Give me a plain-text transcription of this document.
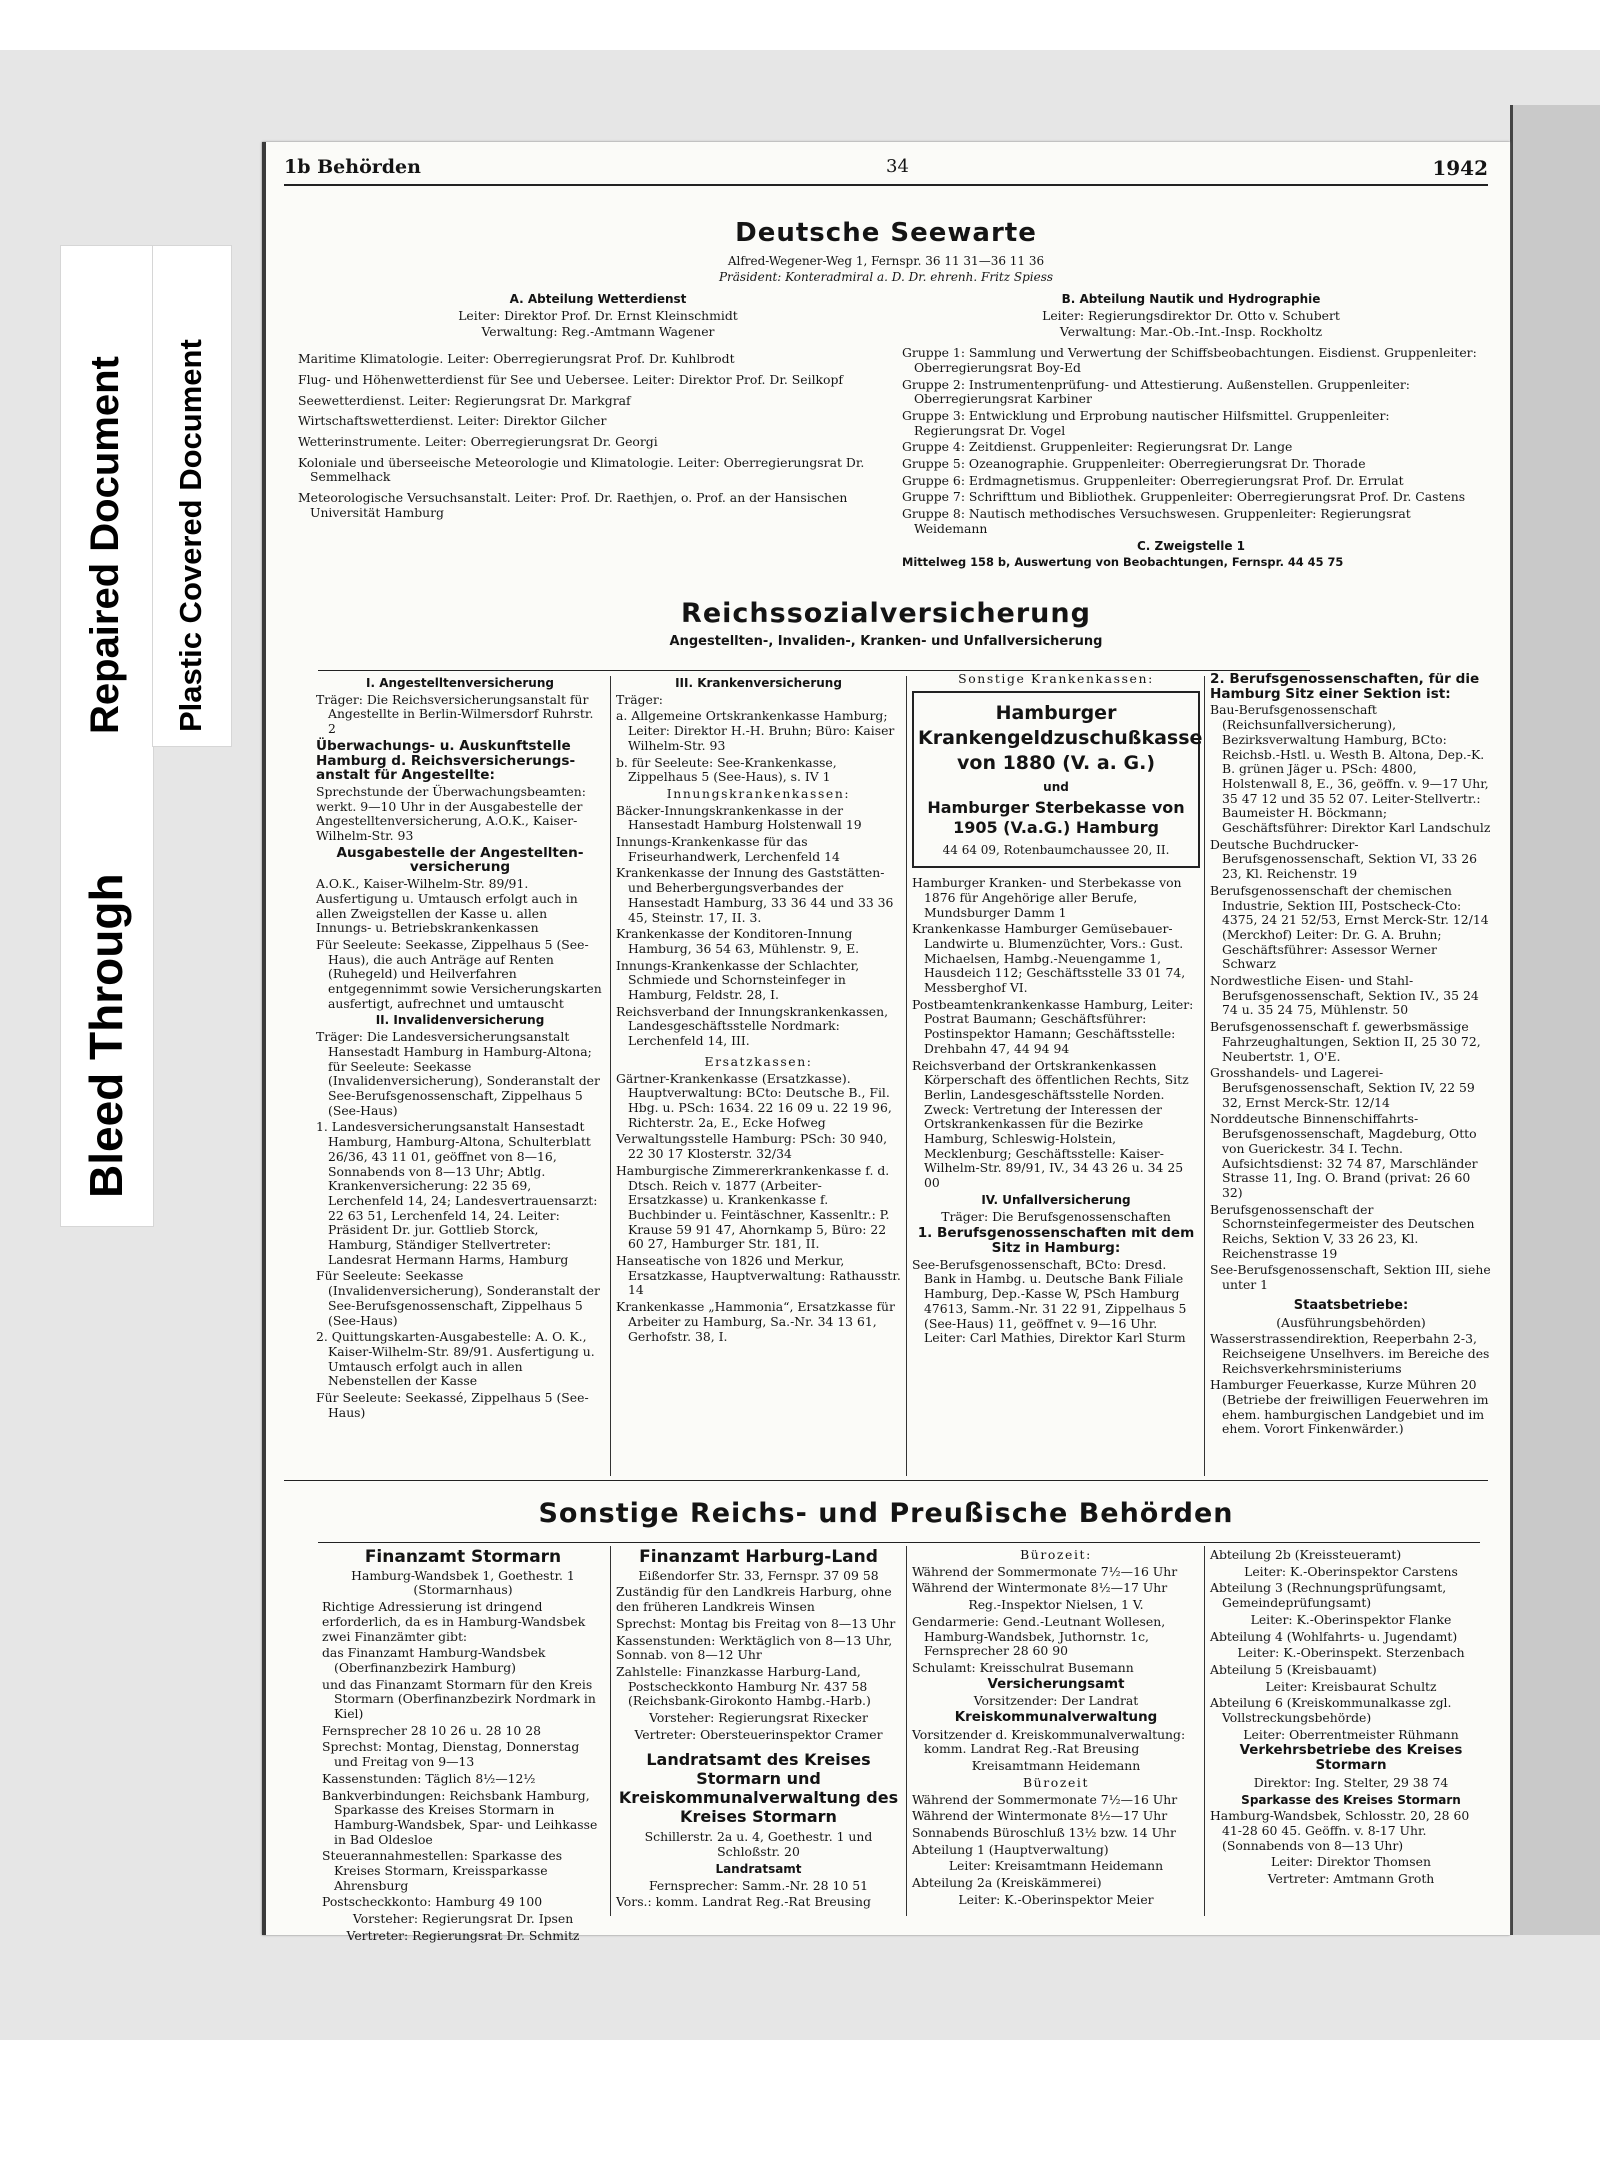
Bleed Through
Repaired Document Plastic Covered Document
1b Behörden	34	1942
Deutsche Seewarte
Alfred-Wegener-Weg 1, Fernspr. 36 11 31—36 11 36
Präsident: Konteradmiral a. D. Dr. ehrenh. Fritz Spiess

A. Abteilung Wetterdienst

Leiter: Direktor Prof. Dr. Ernst Kleinschmidt

Verwaltung: Reg.-Amtmann Wagener

Maritime Klimatologie. Leiter: Oberregierungsrat Prof. Dr. Kuhlbrodt

Flug- und Höhenwetterdienst für See und Uebersee. Leiter: Direktor Prof. Dr. Seilkopf

Seewetterdienst. Leiter: Regierungsrat Dr. Markgraf

Wirtschaftswetterdienst. Leiter: Direktor Gilcher

Wetterinstrumente. Leiter: Oberregierungsrat Dr. Georgi

Koloniale und überseeische Meteorologie und Klimatologie. Leiter: Oberregierungsrat Dr. Semmelhack

Meteorologische Versuchsanstalt. Leiter: Prof. Dr. Raethjen, o. Prof. an der Hansischen Universität Hamburg

B. Abteilung Nautik und Hydrographie

Leiter: Regierungsdirektor Dr. Otto v. Schubert

Verwaltung: Mar.-Ob.-Int.-Insp. Rockholtz

Gruppe 1: Sammlung und Verwertung der Schiffsbeobachtungen. Eisdienst. Gruppenleiter: Oberregierungsrat Boy-Ed

Gruppe 2: Instrumentenprüfung- und Attestierung. Außenstellen. Gruppenleiter: Oberregierungsrat Karbiner

Gruppe 3: Entwicklung und Erprobung nautischer Hilfsmittel. Gruppenleiter: Regierungsrat Dr. Vogel

Gruppe 4: Zeitdienst. Gruppenleiter: Regierungsrat Dr. Lange

Gruppe 5: Ozeanographie. Gruppenleiter: Oberregierungsrat Dr. Thorade

Gruppe 6: Erdmagnetismus. Gruppenleiter: Oberregierungsrat Prof. Dr. Errulat

Gruppe 7: Schrifttum und Bibliothek. Gruppenleiter: Oberregierungsrat Prof. Dr. Castens

Gruppe 8: Nautisch methodisches Versuchswesen. Gruppenleiter: Regierungsrat Weidemann

C. Zweigstelle 1

Mittelweg 158 b, Auswertung von Beobachtungen, Fernspr. 44 45 75

Reichssozialversicherung
Angestellten-, Invaliden-, Kranken- und Unfallversicherung

I. Angestelltenversicherung

Träger: Die Reichsversicherungsanstalt für Angestellte in Berlin-Wilmersdorf Ruhrstr. 2

Überwachungs- u. Auskunftstelle Hamburg d. Reichsversicherungs-anstalt für Angestellte:

Sprechstunde der Überwachungsbeamten: werkt. 9—10 Uhr in der Ausgabestelle der Angestelltenversicherung, A.O.K., Kaiser-Wilhelm-Str. 93

Ausgabestelle der Angestellten-versicherung

A.O.K., Kaiser-Wilhelm-Str. 89/91. Ausfertigung u. Umtausch erfolgt auch in allen Zweigstellen der Kasse u. allen Innungs- u. Betriebskrankenkassen

Für Seeleute: Seekasse, Zippelhaus 5 (See-Haus), die auch Anträge auf Renten (Ruhegeld) und Heilverfahren entgegennimmt sowie Versicherungskarten ausfertigt, aufrechnet und umtauscht

II. Invalidenversicherung

Träger: Die Landesversicherungsanstalt Hansestadt Hamburg in Hamburg-Altona; für Seeleute: Seekasse (Invalidenversicherung), Sonderanstalt der See-Berufsgenossenschaft, Zippelhaus 5 (See-Haus)

1. Landesversicherungsanstalt Hansestadt Hamburg, Hamburg-Altona, Schulterblatt 26/36, 43 11 01, geöffnet von 8—16, Sonnabends von 8—13 Uhr; Abtlg. Krankenversicherung: 22 35 69, Lerchenfeld 14, 24; Landesvertrauensarzt: 22 63 51, Lerchenfeld 14, 24. Leiter: Präsident Dr. jur. Gottlieb Storck, Hamburg, Ständiger Stellvertreter: Landesrat Hermann Harms, Hamburg

Für Seeleute: Seekasse (Invalidenversicherung), Sonderanstalt der See-Berufsgenossenschaft, Zippelhaus 5 (See-Haus)

2. Quittungskarten-Ausgabestelle: A. O. K., Kaiser-Wilhelm-Str. 89/91. Ausfertigung u. Umtausch erfolgt auch in allen Nebenstellen der Kasse

Für Seeleute: Seekassé, Zippelhaus 5 (See-Haus)

III. Krankenversicherung

Träger:

a. Allgemeine Ortskrankenkasse Hamburg; Leiter: Direktor H.-H. Bruhn; Büro: Kaiser Wilhelm-Str. 93

b. für Seeleute: See-Krankenkasse, Zippelhaus 5 (See-Haus), s. IV 1

Innungskrankenkassen:

Bäcker-Innungskrankenkasse in der Hansestadt Hamburg Holstenwall 19

Innungs-Krankenkasse für das Friseurhandwerk, Lerchenfeld 14

Krankenkasse der Innung des Gaststätten- und Beherbergungsverbandes der Hansestadt Hamburg, 33 36 44 und 33 36 45, Steinstr. 17, II. 3.

Krankenkasse der Konditoren-Innung Hamburg, 36 54 63, Mühlenstr. 9, E.

Innungs-Krankenkasse der Schlachter, Schmiede und Schornsteinfeger in Hamburg, Feldstr. 28, I.

Reichsverband der Innungskrankenkassen, Landesgeschäftsstelle Nordmark: Lerchenfeld 14, III.

Ersatzkassen:

Gärtner-Krankenkasse (Ersatzkasse). Hauptverwaltung: BCto: Deutsche B., Fil. Hbg. u. PSch: 1634. 22 16 09 u. 22 19 96, Richterstr. 2a, E., Ecke Hofweg

Verwaltungsstelle Hamburg: PSch: 30 940, 22 30 17 Klosterstr. 32/34

Hamburgische Zimmererkrankenkasse f. d. Dtsch. Reich v. 1877 (Arbeiter-Ersatzkasse) u. Krankenkasse f. Buchbinder u. Feintäschner, Kassenltr.: P. Krause 59 91 47, Ahornkamp 5, Büro: 22 60 27, Hamburger Str. 181, II.

Hanseatische von 1826 und Merkur, Ersatzkasse, Hauptverwaltung: Rathausstr. 14

Krankenkasse „Hammonia“, Ersatzkasse für Arbeiter zu Hamburg, Sa.-Nr. 34 13 61, Gerhofstr. 38, I.

Sonstige Krankenkassen:

Hamburger Krankengeldzuschußkasse von 1880 (V. a. G.)
und
Hamburger Sterbekasse von 1905 (V.a.G.) Hamburg
44 64 09, Rotenbaumchaussee 20, II.

Hamburger Kranken- und Sterbekasse von 1876 für Angehörige aller Berufe, Mundsburger Damm 1

Krankenkasse Hamburger Gemüsebauer-Landwirte u. Blumenzüchter, Vors.: Gust. Michaelsen, Hambg.-Neuengamme 1, Hausdeich 112; Geschäftsstelle 33 01 74, Messberghof VI.

Postbeamtenkrankenkasse Hamburg, Leiter: Postrat Baumann; Geschäftsführer: Postinspektor Hamann; Geschäftsstelle: Drehbahn 47, 44 94 94

Reichsverband der Ortskrankenkassen Körperschaft des öffentlichen Rechts, Sitz Berlin, Landesgeschäftsstelle Norden. Zweck: Vertretung der Interessen der Ortskrankenkassen für die Bezirke Hamburg, Schleswig-Holstein, Mecklenburg; Geschäftsstelle: Kaiser-Wilhelm-Str. 89/91, IV., 34 43 26 u. 34 25 00

IV. Unfallversicherung

Träger: Die Berufsgenossenschaften

1. Berufsgenossenschaften mit dem Sitz in Hamburg:

See-Berufsgenossenschaft, BCto: Dresd. Bank in Hambg. u. Deutsche Bank Filiale Hamburg, Dep.-Kasse W, PSch Hamburg 47613, Samm.-Nr. 31 22 91, Zippelhaus 5 (See-Haus) 11, geöffnet v. 9—16 Uhr. Leiter: Carl Mathies, Direktor Karl Sturm

2. Berufsgenossenschaften, für die Hamburg Sitz einer Sektion ist:

Bau-Berufsgenossenschaft (Reichsunfallversicherung), Bezirksverwaltung Hamburg, BCto: Reichsb.-Hstl. u. Westh B. Altona, Dep.-K. B. grünen Jäger u. PSch: 4800, Holstenwall 8, E., 36, geöffn. v. 9—17 Uhr, 35 47 12 und 35 52 07. Leiter-Stellvertr.: Baumeister H. Böckmann; Geschäftsführer: Direktor Karl Landschulz

Deutsche Buchdrucker-Berufsgenossenschaft, Sektion VI, 33 26 23, Kl. Reichenstr. 19

Berufsgenossenschaft der chemischen Industrie, Sektion III, Postscheck-Cto: 4375, 24 21 52/53, Ernst Merck-Str. 12/14 (Merckhof) Leiter: Dr. G. A. Bruhn; Geschäftsführer: Assessor Werner Schwarz

Nordwestliche Eisen- und Stahl-Berufsgenossenschaft, Sektion IV., 35 24 74 u. 35 24 75, Mühlenstr. 50

Berufsgenossenschaft f. gewerbsmässige Fahrzeughaltungen, Sektion II, 25 30 72, Neubertstr. 1, O'E.

Grosshandels- und Lagerei-Berufsgenossenschaft, Sektion IV, 22 59 32, Ernst Merck-Str. 12/14

Norddeutsche Binnenschiffahrts-Berufsgenossenschaft, Magdeburg, Otto von Guerickestr. 34 I. Techn. Aufsichtsdienst: 32 74 87, Marschländer Strasse 11, Ing. O. Brand (privat: 26 60 32)

Berufsgenossenschaft der Schornsteinfegermeister des Deutschen Reichs, Sektion V, 33 26 23, Kl. Reichenstrasse 19

See-Berufsgenossenschaft, Sektion III, siehe unter 1

Staatsbetriebe:

(Ausführungsbehörden)

Wasserstrassendirektion, Reeperbahn 2-3, Reichseigene Unselhvers. im Bereiche des Reichsverkehrsministeriums

Hamburger Feuerkasse, Kurze Mühren 20 (Betriebe der freiwilligen Feuerwehren im ehem. hamburgischen Landgebiet und im ehem. Vorort Finkenwärder.)

Sonstige Reichs- und Preußische Behörden

Finanzamt Stormarn

Hamburg-Wandsbek 1, Goethestr. 1 (Stormarnhaus)

Richtige Adressierung ist dringend erforderlich, da es in Hamburg-Wandsbek zwei Finanzämter gibt:

das Finanzamt Hamburg-Wandsbek (Oberfinanzbezirk Hamburg)

und das Finanzamt Stormarn für den Kreis Stormarn (Oberfinanzbezirk Nordmark in Kiel)

Fernsprecher 28 10 26 u. 28 10 28

Sprechst: Montag, Dienstag, Donnerstag und Freitag von 9—13

Kassenstunden: Täglich 8½—12½

Bankverbindungen: Reichsbank Hamburg, Sparkasse des Kreises Stormarn in Hamburg-Wandsbek, Spar- und Leihkasse in Bad Oldesloe

Steuerannahmestellen: Sparkasse des Kreises Stormarn, Kreissparkasse Ahrensburg

Postscheckkonto: Hamburg 49 100

Vorsteher: Regierungsrat Dr. Ipsen

Vertreter: Regierungsrat Dr. Schmitz

Finanzamt Harburg-Land

Eißendorfer Str. 33, Fernspr. 37 09 58

Zuständig für den Landkreis Harburg, ohne den früheren Landkreis Winsen

Sprechst: Montag bis Freitag von 8—13 Uhr

Kassenstunden: Werktäglich von 8—13 Uhr, Sonnab. von 8—12 Uhr

Zahlstelle: Finanzkasse Harburg-Land, Postscheckkonto Hamburg Nr. 437 58 (Reichsbank-Girokonto Hambg.-Harb.)

Vorsteher: Regierungsrat Rixecker

Vertreter: Obersteuerinspektor Cramer

Landratsamt des Kreises Stormarn und Kreiskommunalverwaltung des Kreises Stormarn

Schillerstr. 2a u. 4, Goethestr. 1 und Schloßstr. 20

Landratsamt

Fernsprecher: Samm.-Nr. 28 10 51

Vors.: komm. Landrat Reg.-Rat Breusing

Bürozeit:

Während der Sommermonate 7½—16 Uhr

Während der Wintermonate 8½—17 Uhr

Reg.-Inspektor Nielsen, 1 V.

Gendarmerie: Gend.-Leutnant Wollesen, Hamburg-Wandsbek, Juthornstr. 1c, Fernsprecher 28 60 90

Schulamt: Kreisschulrat Busemann

Versicherungsamt

Vorsitzender: Der Landrat

Kreiskommunalverwaltung

Vorsitzender d. Kreiskommunalverwaltung: komm. Landrat Reg.-Rat Breusing

Kreisamtmann Heidemann

Bürozeit

Während der Sommermonate 7½—16 Uhr

Während der Wintermonate 8½—17 Uhr

Sonnabends Büroschluß 13½ bzw. 14 Uhr

Abteilung 1 (Hauptverwaltung)

Leiter: Kreisamtmann Heidemann

Abteilung 2a (Kreiskämmerei)

Leiter: K.-Oberinspektor Meier

Abteilung 2b (Kreissteueramt)

Leiter: K.-Oberinspektor Carstens

Abteilung 3 (Rechnungsprüfungsamt, Gemeindeprüfungsamt)

Leiter: K.-Oberinspektor Flanke

Abteilung 4 (Wohlfahrts- u. Jugendamt)

Leiter: K.-Oberinspekt. Sterzenbach

Abteilung 5 (Kreisbauamt)

Leiter: Kreisbaurat Schultz

Abteilung 6 (Kreiskommunalkasse zgl. Vollstreckungsbehörde)

Leiter: Oberrentmeister Rühmann

Verkehrsbetriebe des Kreises Stormarn

Direktor: Ing. Stelter, 29 38 74

Sparkasse des Kreises Stormarn

Hamburg-Wandsbek, Schlosstr. 20, 28 60 41-28 60 45. Geöffn. v. 8-17 Uhr. (Sonnabends von 8—13 Uhr)

Leiter: Direktor Thomsen

Vertreter: Amtmann Groth
